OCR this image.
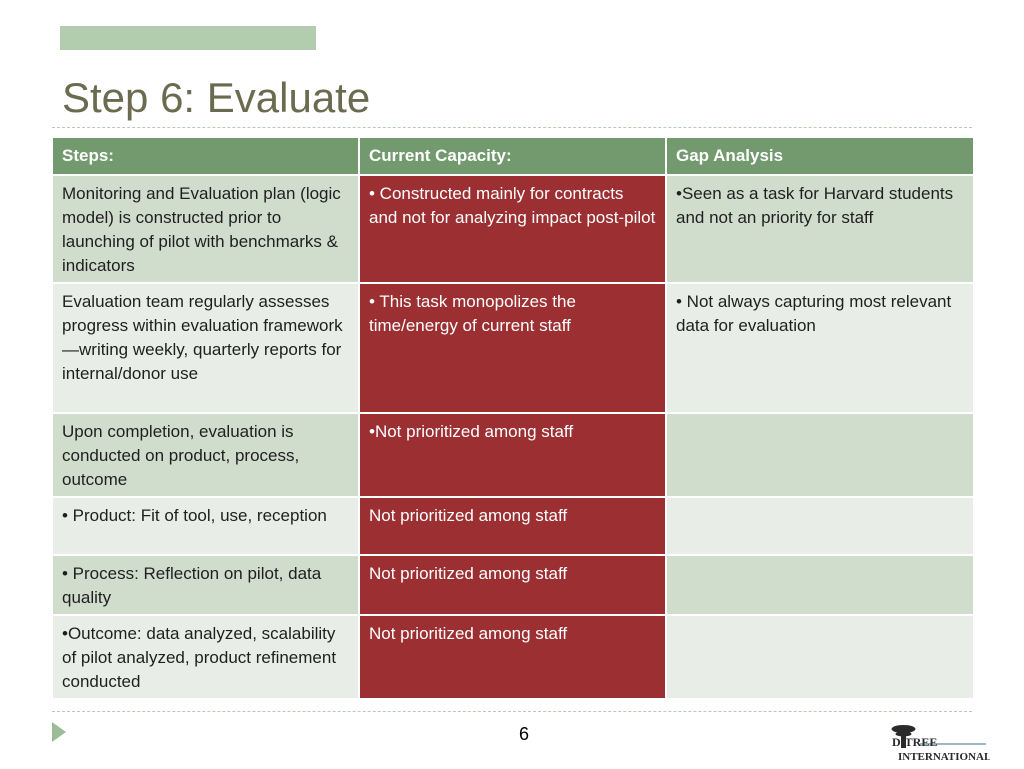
Step 6: Evaluate
Steps:	Current Capacity:	Gap Analysis
Monitoring and Evaluation plan (logic model) is constructed prior to launching of pilot with benchmarks & indicators	• Constructed mainly for contracts and not for analyzing impact post-pilot	•Seen as a task for Harvard students and not an priority for staff
Evaluation team regularly assesses progress within evaluation framework—writing weekly, quarterly reports for internal/donor use	• This task monopolizes the time/energy of current staff	• Not always capturing most relevant data for evaluation
Upon completion, evaluation is conducted on product, process, outcome	•Not prioritized among staff	
• Product: Fit of tool, use, reception	Not prioritized among staff	
• Process: Reflection on pilot, data quality	Not prioritized among staff	
•Outcome: data analyzed, scalability of pilot analyzed, product refinement conducted	Not prioritized among staff	
6	D-TREE
INTERNATIONAL
